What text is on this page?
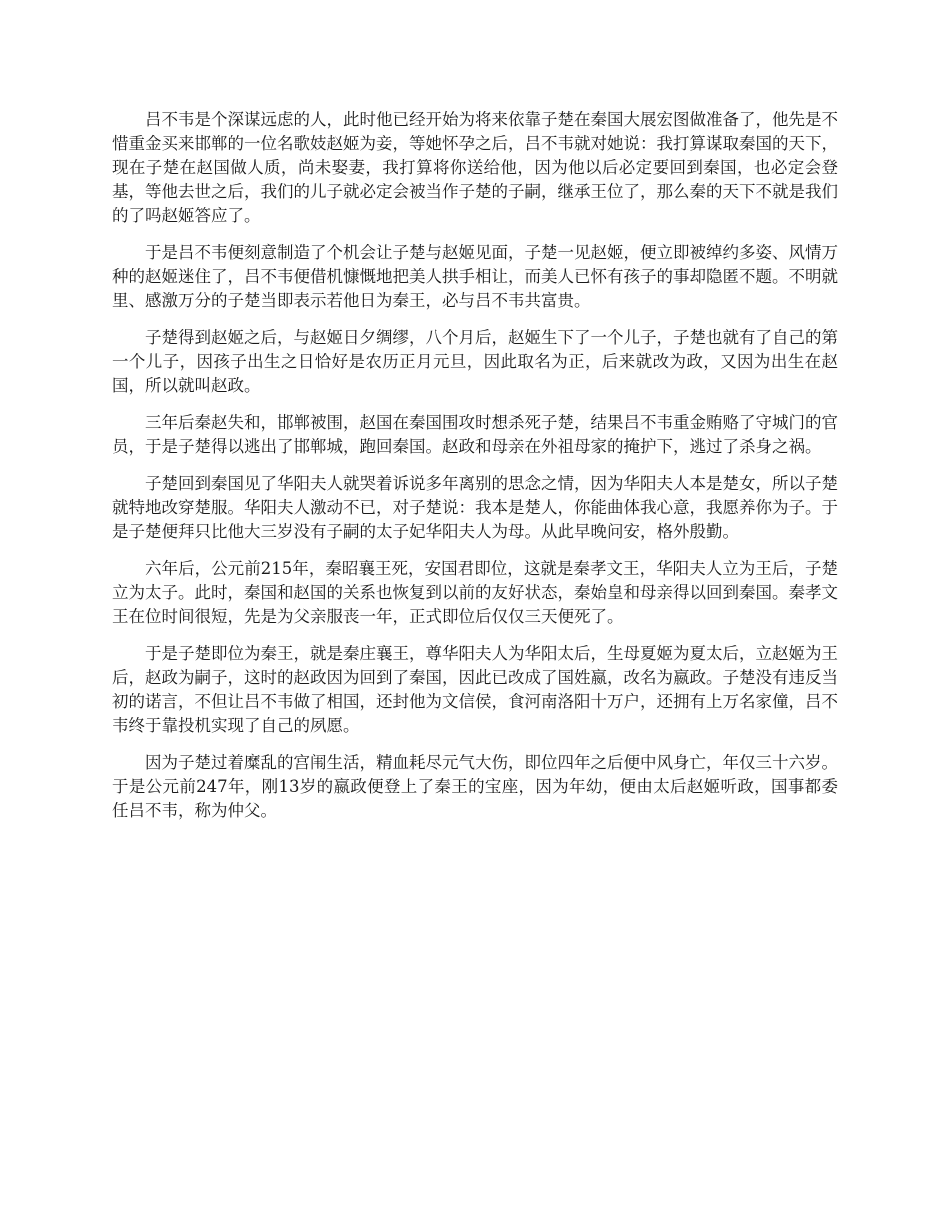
吕不韦是个深谋远虑的人，此时他已经开始为将来依靠子楚在秦国大展宏图做准备了，他先是不惜重金买来邯郸的一位名歌妓赵姬为妾，等她怀孕之后，吕不韦就对她说：我打算谋取秦国的天下，现在子楚在赵国做人质，尚未娶妻，我打算将你送给他，因为他以后必定要回到秦国，也必定会登基，等他去世之后，我们的儿子就必定会被当作子楚的子嗣，继承王位了，那么秦的天下不就是我们的了吗赵姬答应了。

于是吕不韦便刻意制造了个机会让子楚与赵姬见面，子楚一见赵姬，便立即被绰约多姿、风情万种的赵姬迷住了，吕不韦便借机慷慨地把美人拱手相让，而美人已怀有孩子的事却隐匿不题。不明就里、感激万分的子楚当即表示若他日为秦王，必与吕不韦共富贵。

子楚得到赵姬之后，与赵姬日夕绸缪，八个月后，赵姬生下了一个儿子，子楚也就有了自己的第一个儿子，因孩子出生之日恰好是农历正月元旦，因此取名为正，后来就改为政，又因为出生在赵国，所以就叫赵政。

三年后秦赵失和，邯郸被围，赵国在秦国围攻时想杀死子楚，结果吕不韦重金贿赂了守城门的官员，于是子楚得以逃出了邯郸城，跑回秦国。赵政和母亲在外祖母家的掩护下，逃过了杀身之祸。

子楚回到秦国见了华阳夫人就哭着诉说多年离别的思念之情，因为华阳夫人本是楚女，所以子楚就特地改穿楚服。华阳夫人激动不已，对子楚说：我本是楚人，你能曲体我心意，我愿养你为子。于是子楚便拜只比他大三岁没有子嗣的太子妃华阳夫人为母。从此早晚问安，格外殷勤。

六年后，公元前215年，秦昭襄王死，安国君即位，这就是秦孝文王，华阳夫人立为王后，子楚立为太子。此时，秦国和赵国的关系也恢复到以前的友好状态，秦始皇和母亲得以回到秦国。秦孝文王在位时间很短，先是为父亲服丧一年，正式即位后仅仅三天便死了。

于是子楚即位为秦王，就是秦庄襄王，尊华阳夫人为华阳太后，生母夏姬为夏太后，立赵姬为王后，赵政为嗣子，这时的赵政因为回到了秦国，因此已改成了国姓嬴，改名为嬴政。子楚没有违反当初的诺言，不但让吕不韦做了相国，还封他为文信侯，食河南洛阳十万户，还拥有上万名家僮，吕不韦终于靠投机实现了自己的夙愿。

因为子楚过着糜乱的宫闱生活，精血耗尽元气大伤，即位四年之后便中风身亡，年仅三十六岁。于是公元前247年，刚13岁的嬴政便登上了秦王的宝座，因为年幼，便由太后赵姬听政，国事都委任吕不韦，称为仲父。
